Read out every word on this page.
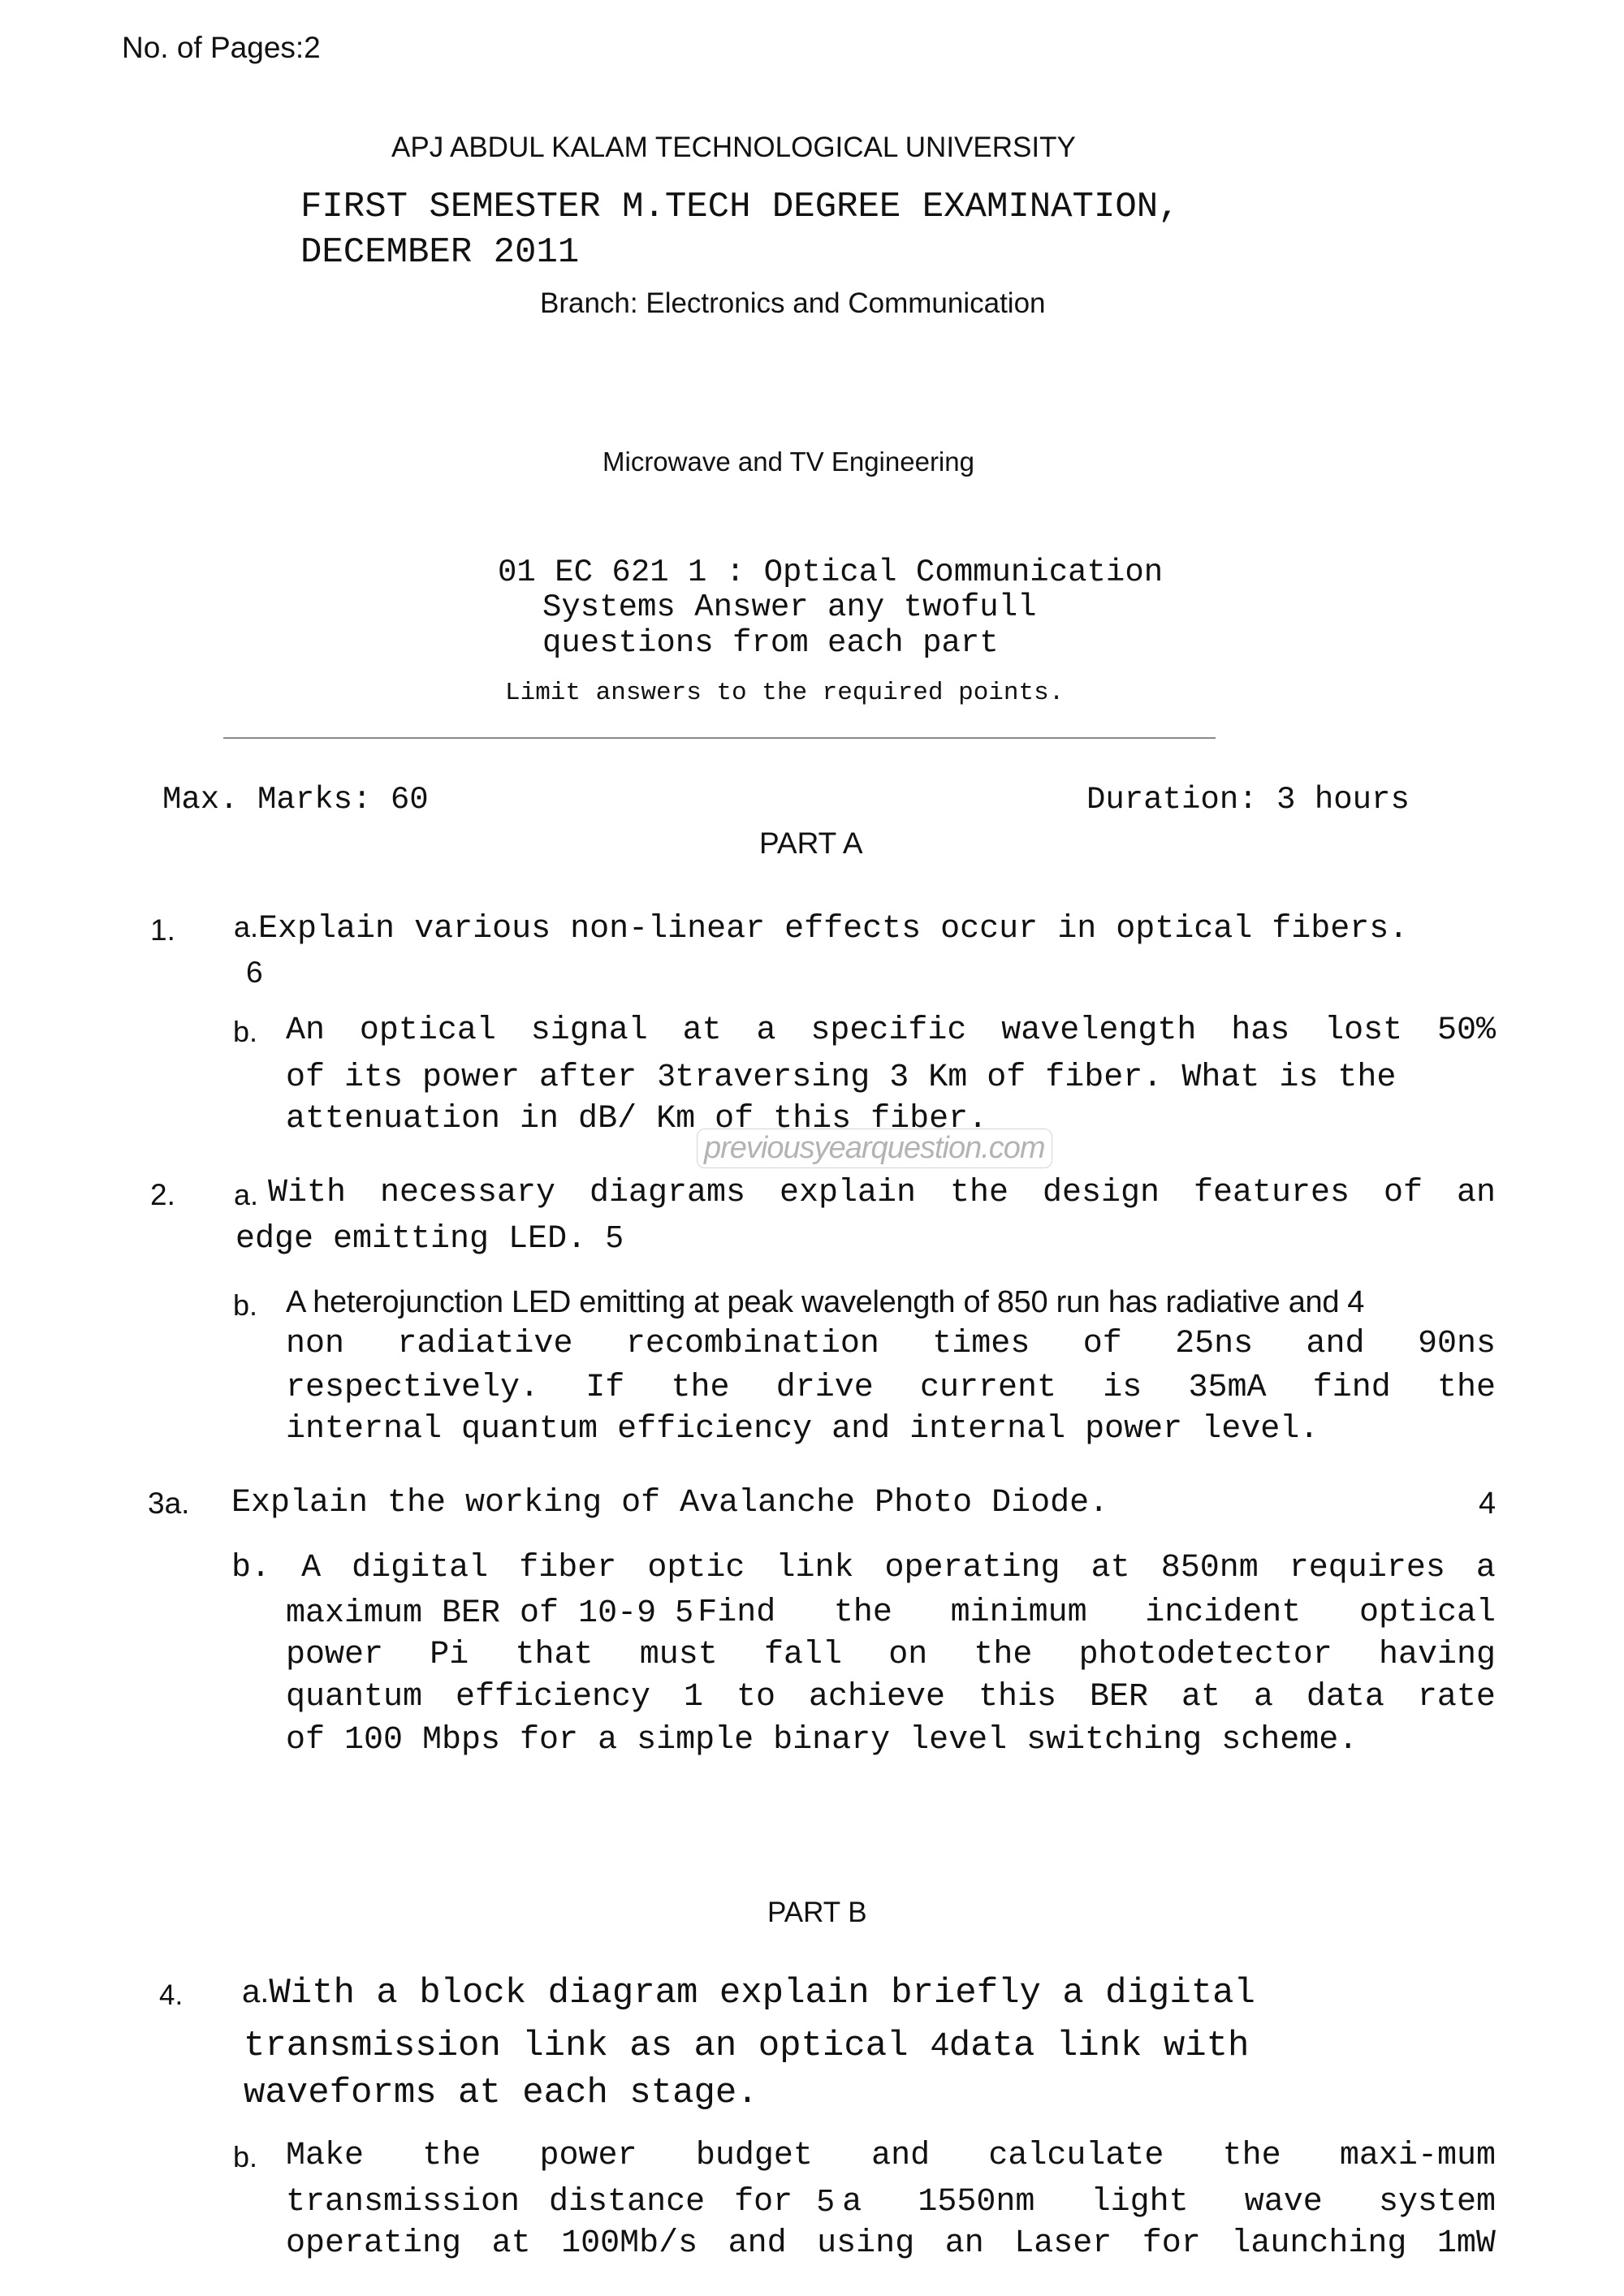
No. of Pages:2
APJ ABDUL KALAM TECHNOLOGICAL UNIVERSITY
FIRST SEMESTER M.TECH DEGREE EXAMINATION,
DECEMBER 2011
Branch: Electronics and Communication
Microwave and TV Engineering
01 EC 621 1 : Optical Communication
Systems Answer any twofull
questions from each part
Limit answers to the required points.
Max. Marks: 60	Duration: 3 hours
PART A
1. a.Explain various non-linear effects occur in optical fibers.
6
b. An optical signal at a specific wavelength has lost 50%
of its power after 3traversing 3 Km of fiber. What is the
attenuation in dB/ Km of this fiber.
previousyearquestion.com
2. a. With necessary diagrams explain the design features of an
edge emitting LED. 5
b. A heterojunction LED emitting at peak wavelength of 850 run has radiative and 4
non radiative recombination times of 25ns and 90ns
respectively. If the drive current is 35mA find the
internal quantum efficiency and internal power level.
3a. Explain the working of Avalanche Photo Diode.	4
b. A digital fiber optic link operating at 850nm requires a
maximum BER of 10-9 5 Find the minimum incident optical
power Pi that must fall on the photodetector having
quantum efficiency 1 to achieve this BER at a data rate
of 100 Mbps for a simple binary level switching scheme.
PART B
4. a.With a block diagram explain briefly a digital
transmission link as an optical 4data link with
waveforms at each stage.
b. Make the power budget and calculate the maxi-mum
transmission distance for 5 a 1550nm light wave system
operating at 100Mb/s and using an Laser for launching 1mW
